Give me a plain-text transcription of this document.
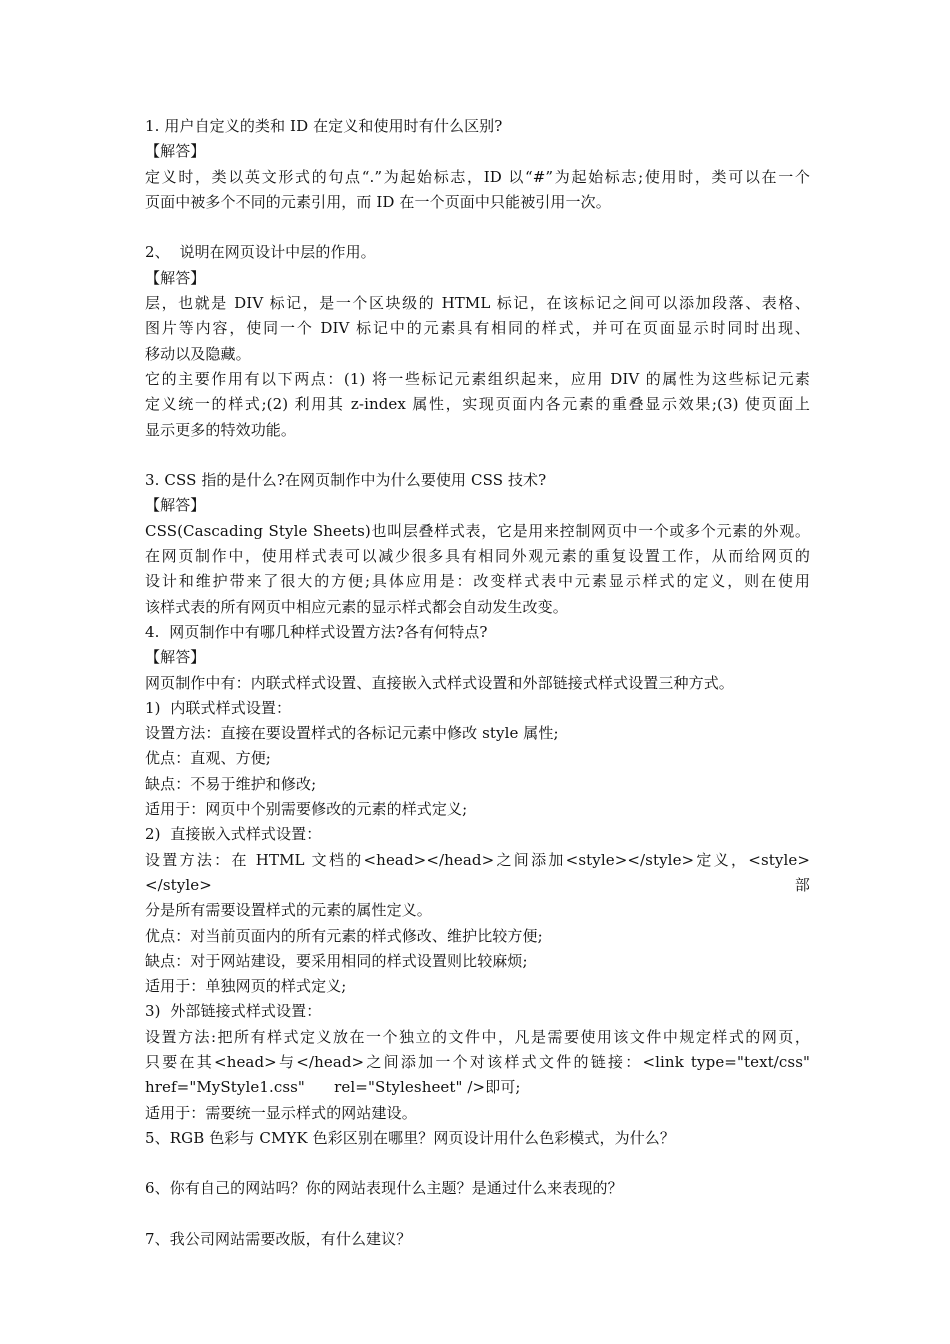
1. 用户自定义的类和 ID 在定义和使用时有什么区别?
【解答】
定义时，类以英文形式的句点“.”为起始标志，ID 以“#”为起始标志;使用时，类可以在一个
页面中被多个不同的元素引用，而 ID 在一个页面中只能被引用一次。
2、  说明在网页设计中层的作用。
【解答】
层，也就是 DIV 标记，是一个区块级的 HTML 标记，在该标记之间可以添加段落、表格、
图片等内容，使同一个 DIV 标记中的元素具有相同的样式，并可在页面显示时同时出现、
移动以及隐藏。
它的主要作用有以下两点：(1) 将一些标记元素组织起来，应用 DIV 的属性为这些标记元素
定义统一的样式;(2) 利用其 z-index 属性，实现页面内各元素的重叠显示效果;(3) 使页面上
显示更多的特效功能。
3. CSS 指的是什么?在网页制作中为什么要使用 CSS 技术?
【解答】
CSS(Cascading Style Sheets)也叫层叠样式表，它是用来控制网页中一个或多个元素的外观。
在网页制作中，使用样式表可以减少很多具有相同外观元素的重复设置工作，从而给网页的
设计和维护带来了很大的方便;具体应用是：改变样式表中元素显示样式的定义，则在使用
该样式表的所有网页中相应元素的显示样式都会自动发生改变。
4.  网页制作中有哪几种样式设置方法?各有何特点?
【解答】
网页制作中有：内联式样式设置、直接嵌入式样式设置和外部链接式样式设置三种方式。
1)  内联式样式设置：
设置方法：直接在要设置样式的各标记元素中修改 style 属性;
优点：直观、方便;
缺点：不易于维护和修改;
适用于：网页中个别需要修改的元素的样式定义;
2)  直接嵌入式样式设置：
设置方法：在 HTML 文档的<head></head>之间添加<style></style>定义，<style></style> 部
分是所有需要设置样式的元素的属性定义。
优点：对当前页面内的所有元素的样式修改、维护比较方便;
缺点：对于网站建设，要采用相同的样式设置则比较麻烦;
适用于：单独网页的样式定义;
3)  外部链接式样式设置：
设置方法:把所有样式定义放在一个独立的文件中，凡是需要使用该文件中规定样式的网页，
只要在其<head>与</head>之间添加一个对该样式文件的链接：<link type="text/css"
href="MyStyle1.css"      rel="Stylesheet" />即可;
适用于：需要统一显示样式的网站建设。
5、RGB 色彩与 CMYK 色彩区别在哪里？网页设计用什么色彩模式，为什么？
6、你有自己的网站吗？你的网站表现什么主题？是通过什么来表现的？
7、我公司网站需要改版，有什么建议？
